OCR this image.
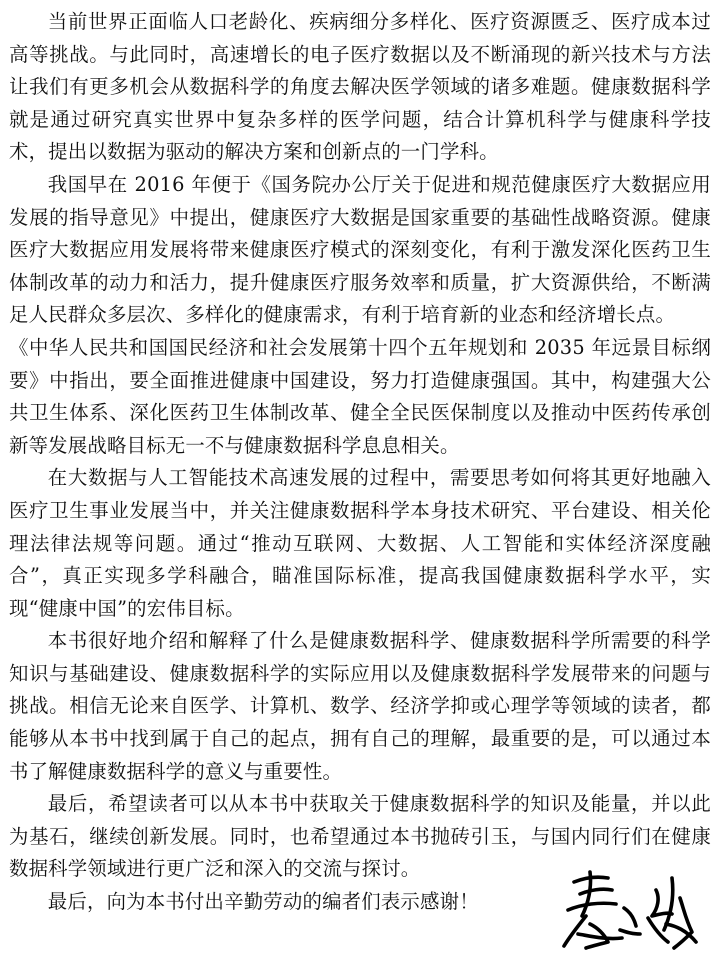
当前世界正面临人口老龄化、疾病细分多样化、医疗资源匮乏、医疗成本过高等挑战。与此同时，高速增长的电子医疗数据以及不断涌现的新兴技术与方法让我们有更多机会从数据科学的角度去解决医学领域的诸多难题。健康数据科学就是通过研究真实世界中复杂多样的医学问题，结合计算机科学与健康科学技术，提出以数据为驱动的解决方案和创新点的一门学科。

我国早在 2016 年便于《国务院办公厅关于促进和规范健康医疗大数据应用发展的指导意见》中提出，健康医疗大数据是国家重要的基础性战略资源。健康医疗大数据应用发展将带来健康医疗模式的深刻变化，有利于激发深化医药卫生体制改革的动力和活力，提升健康医疗服务效率和质量，扩大资源供给，不断满足人民群众多层次、多样化的健康需求，有利于培育新的业态和经济增长点。

《中华人民共和国国民经济和社会发展第十四个五年规划和 2035 年远景目标纲要》中指出，要全面推进健康中国建设，努力打造健康强国。其中，构建强大公共卫生体系、深化医药卫生体制改革、健全全民医保制度以及推动中医药传承创新等发展战略目标无一不与健康数据科学息息相关。

在大数据与人工智能技术高速发展的过程中，需要思考如何将其更好地融入医疗卫生事业发展当中，并关注健康数据科学本身技术研究、平台建设、相关伦理法律法规等问题。通过“推动互联网、大数据、人工智能和实体经济深度融合”，真正实现多学科融合，瞄准国际标准，提高我国健康数据科学水平，实现“健康中国”的宏伟目标。

本书很好地介绍和解释了什么是健康数据科学、健康数据科学所需要的科学知识与基础建设、健康数据科学的实际应用以及健康数据科学发展带来的问题与挑战。相信无论来自医学、计算机、数学、经济学抑或心理学等领域的读者，都能够从本书中找到属于自己的起点，拥有自己的理解，最重要的是，可以通过本书了解健康数据科学的意义与重要性。

最后，希望读者可以从本书中获取关于健康数据科学的知识及能量，并以此为基石，继续创新发展。同时，也希望通过本书抛砖引玉，与国内同行们在健康数据科学领域进行更广泛和深入的交流与探讨。

最后，向为本书付出辛勤劳动的编者们表示感谢！
